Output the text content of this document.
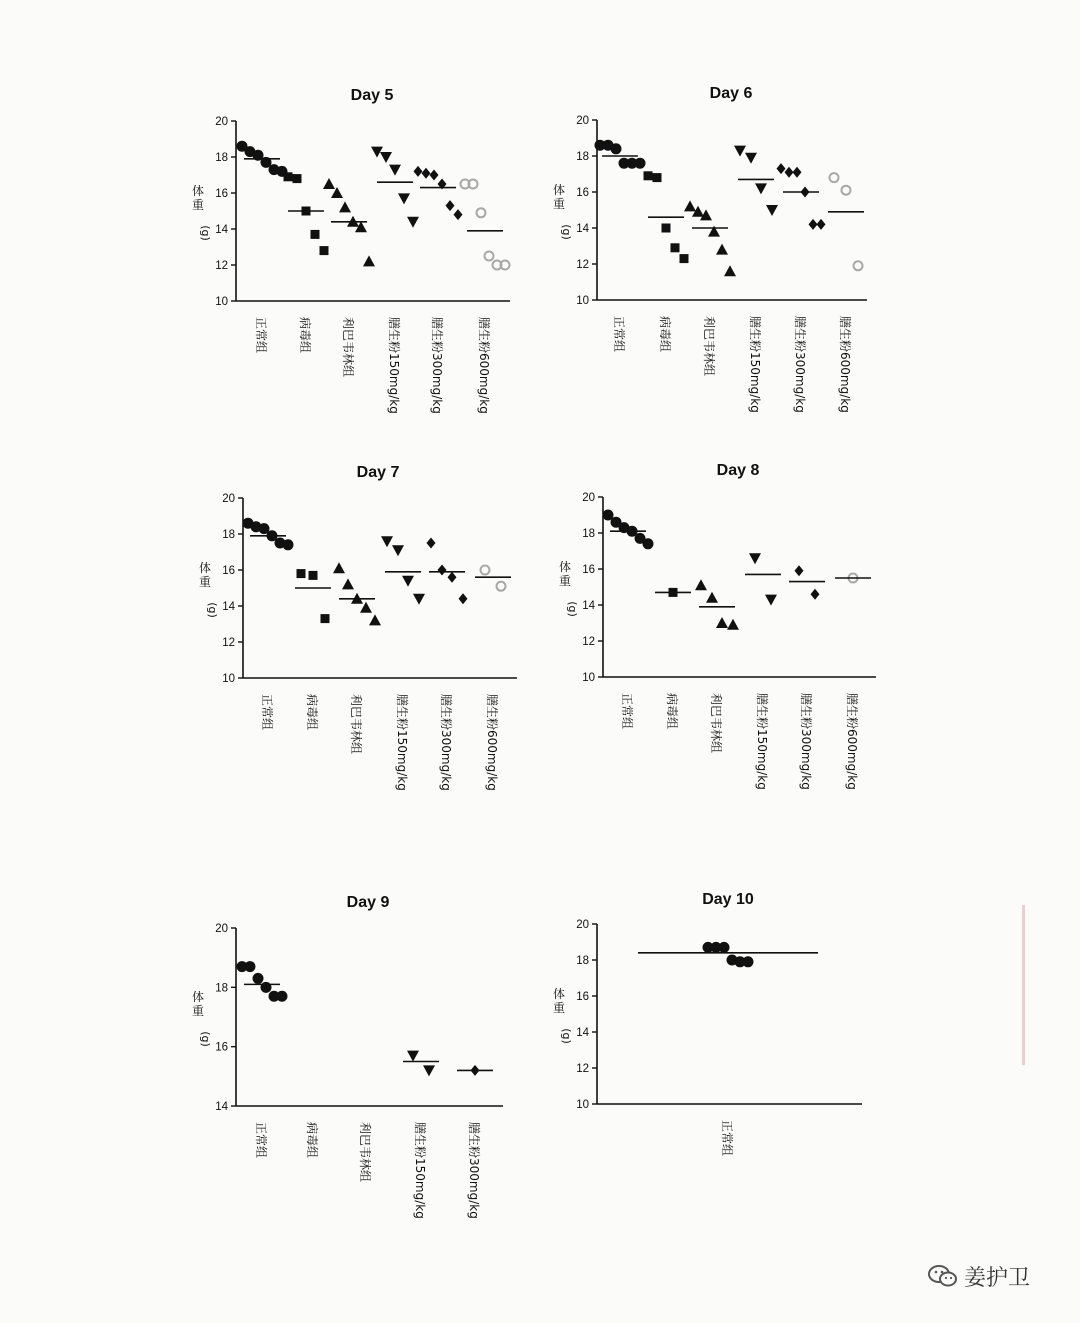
Day 5
10
12
14
16
18
20
体
重
(g)
正常组	病毒组 利巴韦林组	膳生粉150mg/kg 膳生粉300mg/kg	膳生粉600mg/kg
Day 6
10
12
14
16
18
20
体
重
(g)
正常组	病毒组	利巴韦林组	膳生粉150mg/kg	膳生粉300mg/kg	膳生粉600mg/kg
Day 7
10
12
14
16
18
20
体
重
(g)
正常组	病毒组	利巴韦林组	膳生粉150mg/kg	膳生粉300mg/kg	膳生粉600mg/kg
Day 8
10
12
14
16
18
20
体
重
(g)
正常组	病毒组	利巴韦林组	膳生粉150mg/kg	膳生粉300mg/kg	膳生粉600mg/kg
Day 9
14
16
18
20
体
重
(g)
正常组	病毒组	利巴韦林组	膳生粉150mg/kg	膳生粉300mg/kg
Day 10
10
12
14
16
18
20
体
重
(g)
正常组
姜护卫
